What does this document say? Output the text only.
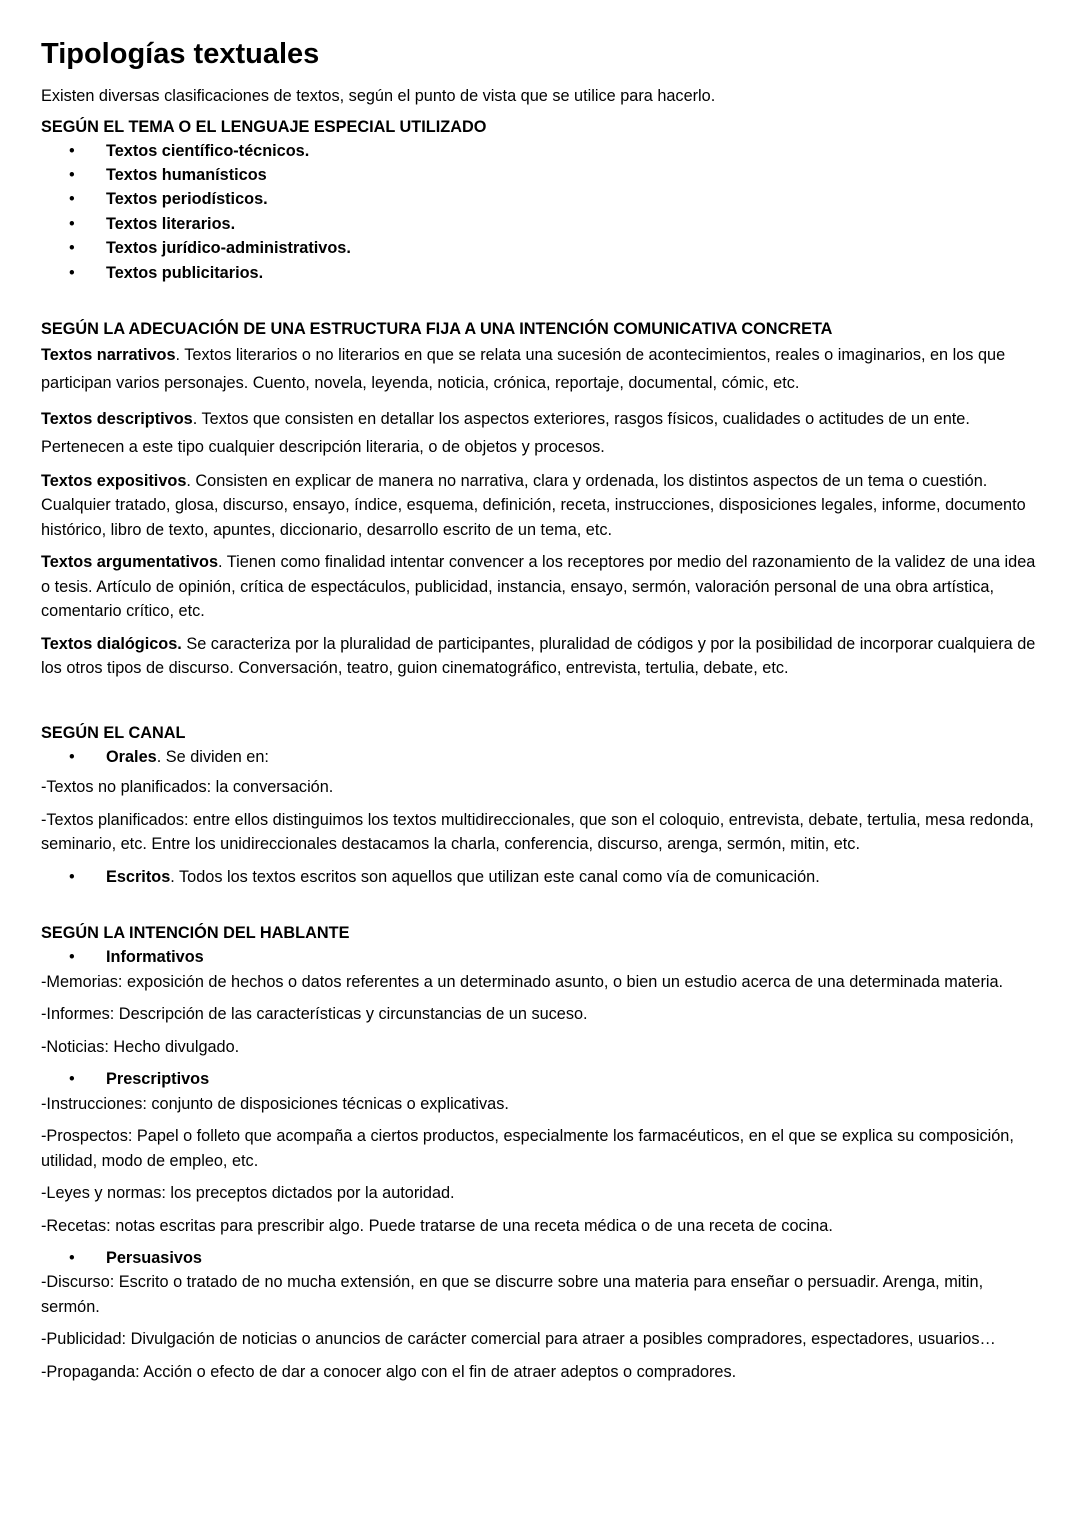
Tipologías textuales

Existen diversas clasificaciones de textos, según el punto de vista que se utilice para hacerlo.

SEGÚN EL TEMA O EL LENGUAJE ESPECIAL UTILIZADO
• Textos científico-técnicos.
• Textos humanísticos
• Textos periodísticos.
• Textos literarios.
• Textos jurídico-administrativos.
• Textos publicitarios.
SEGÚN LA ADECUACIÓN DE UNA ESTRUCTURA FIJA A UNA INTENCIÓN COMUNICATIVA CONCRETA

Textos narrativos. Textos literarios o no literarios en que se relata una sucesión de acontecimientos, reales o imaginarios, en los que participan varios personajes. Cuento, novela, leyenda, noticia, crónica, reportaje, documental, cómic, etc.

Textos descriptivos. Textos que consisten en detallar los aspectos exteriores, rasgos físicos, cualidades o actitudes de un ente. Pertenecen a este tipo cualquier descripción literaria, o de objetos y procesos.

Textos expositivos. Consisten en explicar de manera no narrativa, clara y ordenada, los distintos aspectos de un tema o cuestión. Cualquier tratado, glosa, discurso, ensayo, índice, esquema, definición, receta, instrucciones, disposiciones legales, informe, documento histórico, libro de texto, apuntes, diccionario, desarrollo escrito de un tema, etc.

Textos argumentativos. Tienen como finalidad intentar convencer a los receptores por medio del razonamiento de la validez de una idea o tesis. Artículo de opinión, crítica de espectáculos, publicidad, instancia, ensayo, sermón, valoración personal de una obra artística, comentario crítico, etc.

Textos dialógicos. Se caracteriza por la pluralidad de participantes, pluralidad de códigos y por la posibilidad de incorporar cualquiera de los otros tipos de discurso. Conversación, teatro, guion cinematográfico, entrevista, tertulia, debate, etc.

SEGÚN EL CANAL
• Orales. Se dividen en:

-Textos no planificados: la conversación.

-Textos planificados: entre ellos distinguimos los textos multidireccionales, que son el coloquio, entrevista, debate, tertulia, mesa redonda, seminario, etc. Entre los unidireccionales destacamos la charla, conferencia, discurso, arenga, sermón, mitin, etc.

• Escritos. Todos los textos escritos son aquellos que utilizan este canal como vía de comunicación.
SEGÚN LA INTENCIÓN DEL HABLANTE
• Informativos

-Memorias: exposición de hechos o datos referentes a un determinado asunto, o bien un estudio acerca de una determinada materia.

-Informes: Descripción de las características y circunstancias de un suceso.

-Noticias: Hecho divulgado.

• Prescriptivos

-Instrucciones: conjunto de disposiciones técnicas o explicativas.

-Prospectos: Papel o folleto que acompaña a ciertos productos, especialmente los farmacéuticos, en el que se explica su composición, utilidad, modo de empleo, etc.

-Leyes y normas: los preceptos dictados por la autoridad.

-Recetas: notas escritas para prescribir algo. Puede tratarse de una receta médica o de una receta de cocina.

• Persuasivos

-Discurso: Escrito o tratado de no mucha extensión, en que se discurre sobre una materia para enseñar o persuadir. Arenga, mitin, sermón.

-Publicidad: Divulgación de noticias o anuncios de carácter comercial para atraer a posibles compradores, espectadores, usuarios…

-Propaganda: Acción o efecto de dar a conocer algo con el fin de atraer adeptos o compradores.
